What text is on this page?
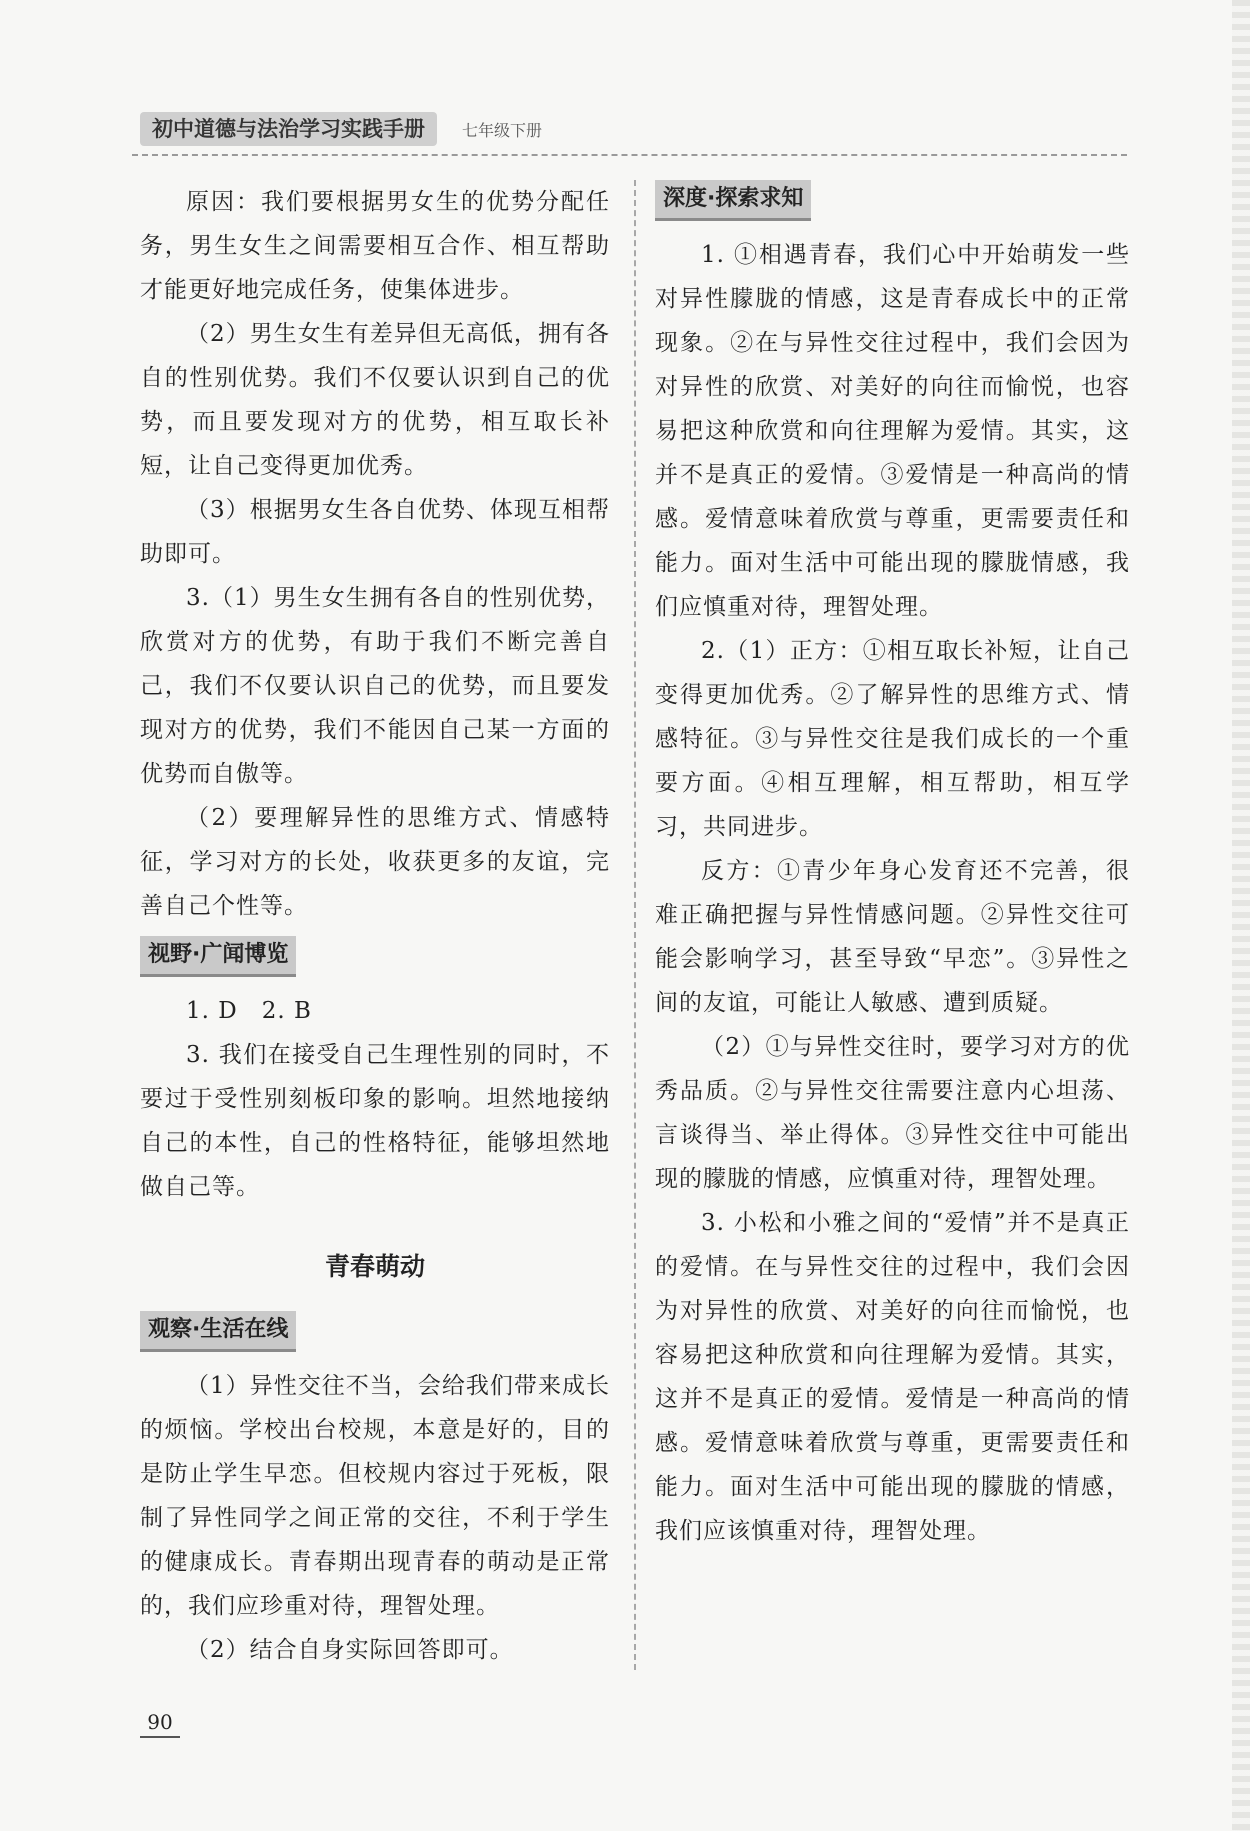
初中道德与法治学习实践手册	七年级下册

原因：我们要根据男女生的优势分配任务，男生女生之间需要相互合作、相互帮助才能更好地完成任务，使集体进步。

（2）男生女生有差异但无高低，拥有各自的性别优势。我们不仅要认识到自己的优势，而且要发现对方的优势，相互取长补短，让自己变得更加优秀。

（3）根据男女生各自优势、体现互相帮助即可。

3.（1）男生女生拥有各自的性别优势，欣赏对方的优势，有助于我们不断完善自己，我们不仅要认识自己的优势，而且要发现对方的优势，我们不能因自己某一方面的优势而自傲等。

（2）要理解异性的思维方式、情感特征，学习对方的长处，收获更多的友谊，完善自己个性等。

视野·广闻博览

1. D　2. B

3. 我们在接受自己生理性别的同时，不要过于受性别刻板印象的影响。坦然地接纳自己的本性，自己的性格特征，能够坦然地做自己等。

青春萌动
观察·生活在线

（1）异性交往不当，会给我们带来成长的烦恼。学校出台校规，本意是好的，目的是防止学生早恋。但校规内容过于死板，限制了异性同学之间正常的交往，不利于学生的健康成长。青春期出现青春的萌动是正常的，我们应珍重对待，理智处理。

（2）结合自身实际回答即可。

深度·探索求知

1. ①相遇青春，我们心中开始萌发一些对异性朦胧的情感，这是青春成长中的正常现象。②在与异性交往过程中，我们会因为对异性的欣赏、对美好的向往而愉悦，也容易把这种欣赏和向往理解为爱情。其实，这并不是真正的爱情。③爱情是一种高尚的情感。爱情意味着欣赏与尊重，更需要责任和能力。面对生活中可能出现的朦胧情感，我们应慎重对待，理智处理。

2.（1）正方：①相互取长补短，让自己变得更加优秀。②了解异性的思维方式、情感特征。③与异性交往是我们成长的一个重要方面。④相互理解，相互帮助，相互学习，共同进步。

反方：①青少年身心发育还不完善，很难正确把握与异性情感问题。②异性交往可能会影响学习，甚至导致“早恋”。③异性之间的友谊，可能让人敏感、遭到质疑。

（2）①与异性交往时，要学习对方的优秀品质。②与异性交往需要注意内心坦荡、言谈得当、举止得体。③异性交往中可能出现的朦胧的情感，应慎重对待，理智处理。

3. 小松和小雅之间的“爱情”并不是真正的爱情。在与异性交往的过程中，我们会因为对异性的欣赏、对美好的向往而愉悦，也容易把这种欣赏和向往理解为爱情。其实，这并不是真正的爱情。爱情是一种高尚的情感。爱情意味着欣赏与尊重，更需要责任和能力。面对生活中可能出现的朦胧的情感，我们应该慎重对待，理智处理。

90
